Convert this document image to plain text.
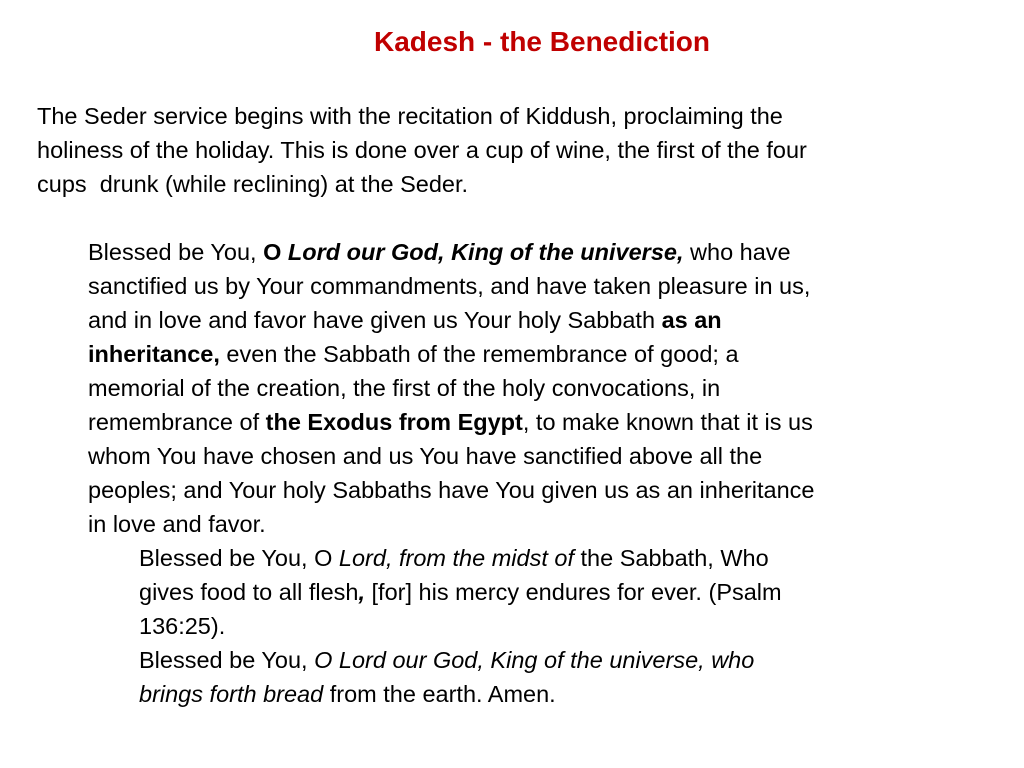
Kadesh - the Benediction

The Seder service begins with the recitation of Kiddush, proclaiming the
holiness of the holiday. This is done over a cup of wine, the first of the four
cups  drunk (while reclining) at the Seder.

Blessed be You, O Lord our God, King of the universe, who have
sanctified us by Your commandments, and have taken pleasure in us,
and in love and favor have given us Your holy Sabbath as an
inheritance, even the Sabbath of the remembrance of good; a
memorial of the creation, the first of the holy convocations, in
remembrance of the Exodus from Egypt, to make known that it is us
whom You have chosen and us You have sanctified above all the
peoples; and Your holy Sabbaths have You given us as an inheritance
in love and favor.

Blessed be You, O Lord, from the midst of the Sabbath, Who
gives food to all flesh, [for] his mercy endures for ever. (Psalm
136:25).

Blessed be You, O Lord our God, King of the universe, who
brings forth bread from the earth. Amen.
